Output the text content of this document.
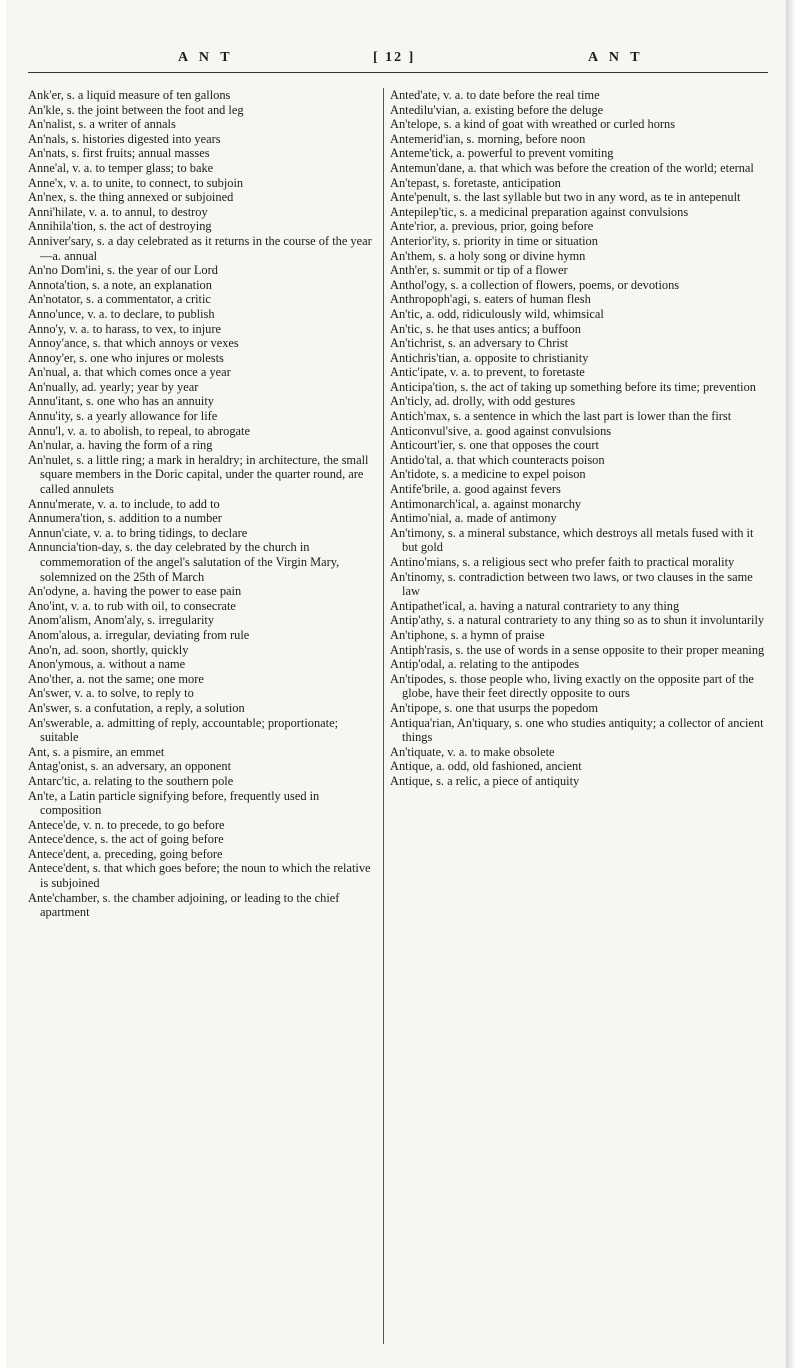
A N T	[ 12 ]	A N T

Ank'er, s. a liquid measure of ten gallons

An'kle, s. the joint between the foot and leg

An'nalist, s. a writer of annals

An'nals, s. histories digested into years

An'nats, s. first fruits; annual masses

Anne'al, v. a. to temper glass; to bake

Anne'x, v. a. to unite, to connect, to subjoin

An'nex, s. the thing annexed or subjoined

Anni'hilate, v. a. to annul, to destroy

Annihila'tion, s. the act of destroying

Anniver'sary, s. a day celebrated as it returns in the course of the year—a. annual

An'no Dom'ini, s. the year of our Lord

Annota'tion, s. a note, an explanation

An'notator, s. a commentator, a critic

Anno'unce, v. a. to declare, to publish

Anno'y, v. a. to harass, to vex, to injure

Annoy'ance, s. that which annoys or vexes

Annoy'er, s. one who injures or molests

An'nual, a. that which comes once a year

An'nually, ad. yearly; year by year

Annu'itant, s. one who has an annuity

Annu'ity, s. a yearly allowance for life

Annu'l, v. a. to abolish, to repeal, to abrogate

An'nular, a. having the form of a ring

An'nulet, s. a little ring; a mark in heraldry; in architecture, the small square members in the Doric capital, under the quarter round, are called annulets

Annu'merate, v. a. to include, to add to

Annumera'tion, s. addition to a number

Annun'ciate, v. a. to bring tidings, to declare

Annuncia'tion-day, s. the day celebrated by the church in commemoration of the angel's salutation of the Virgin Mary, solemnized on the 25th of March

An'odyne, a. having the power to ease pain

Ano'int, v. a. to rub with oil, to consecrate

Anom'alism, Anom'aly, s. irregularity

Anom'alous, a. irregular, deviating from rule

Ano'n, ad. soon, shortly, quickly

Anon'ymous, a. without a name

Ano'ther, a. not the same; one more

An'swer, v. a. to solve, to reply to

An'swer, s. a confutation, a reply, a solution

An'swerable, a. admitting of reply, accountable; proportionate; suitable

Ant, s. a pismire, an emmet

Antag'onist, s. an adversary, an opponent

Antarc'tic, a. relating to the southern pole

An'te, a Latin particle signifying before, frequently used in composition

Antece'de, v. n. to precede, to go before

Antece'dence, s. the act of going before

Antece'dent, a. preceding, going before

Antece'dent, s. that which goes before; the noun to which the relative is subjoined

Ante'chamber, s. the chamber adjoining, or leading to the chief apartment

Anted'ate, v. a. to date before the real time

Antedilu'vian, a. existing before the deluge

An'telope, s. a kind of goat with wreathed or curled horns

Antemerid'ian, s. morning, before noon

Anteme'tick, a. powerful to prevent vomiting

Antemun'dane, a. that which was before the creation of the world; eternal

An'tepast, s. foretaste, anticipation

Ante'penult, s. the last syllable but two in any word, as te in antepenult

Antepilep'tic, s. a medicinal preparation against convulsions

Ante'rior, a. previous, prior, going before

Anterior'ity, s. priority in time or situation

An'them, s. a holy song or divine hymn

Anth'er, s. summit or tip of a flower

Anthol'ogy, s. a collection of flowers, poems, or devotions

Anthropoph'agi, s. eaters of human flesh

An'tic, a. odd, ridiculously wild, whimsical

An'tic, s. he that uses antics; a buffoon

An'tichrist, s. an adversary to Christ

Antichris'tian, a. opposite to christianity

Antic'ipate, v. a. to prevent, to foretaste

Anticipa'tion, s. the act of taking up something before its time; prevention

An'ticly, ad. drolly, with odd gestures

Antich'max, s. a sentence in which the last part is lower than the first

Anticonvul'sive, a. good against convulsions

Anticourt'ier, s. one that opposes the court

Antido'tal, a. that which counteracts poison

An'tidote, s. a medicine to expel poison

Antife'brile, a. good against fevers

Antimonarch'ical, a. against monarchy

Antimo'nial, a. made of antimony

An'timony, s. a mineral substance, which destroys all metals fused with it but gold

Antino'mians, s. a religious sect who prefer faith to practical morality

An'tinomy, s. contradiction between two laws, or two clauses in the same law

Antipathet'ical, a. having a natural contrariety to any thing

Antip'athy, s. a natural contrariety to any thing so as to shun it involuntarily

An'tiphone, s. a hymn of praise

Antiph'rasis, s. the use of words in a sense opposite to their proper meaning

Antip'odal, a. relating to the antipodes

An'tipodes, s. those people who, living exactly on the opposite part of the globe, have their feet directly opposite to ours

An'tipope, s. one that usurps the popedom

Antiqua'rian, An'tiquary, s. one who studies antiquity; a collector of ancient things

An'tiquate, v. a. to make obsolete

Antique, a. odd, old fashioned, ancient

Antique, s. a relic, a piece of antiquity
